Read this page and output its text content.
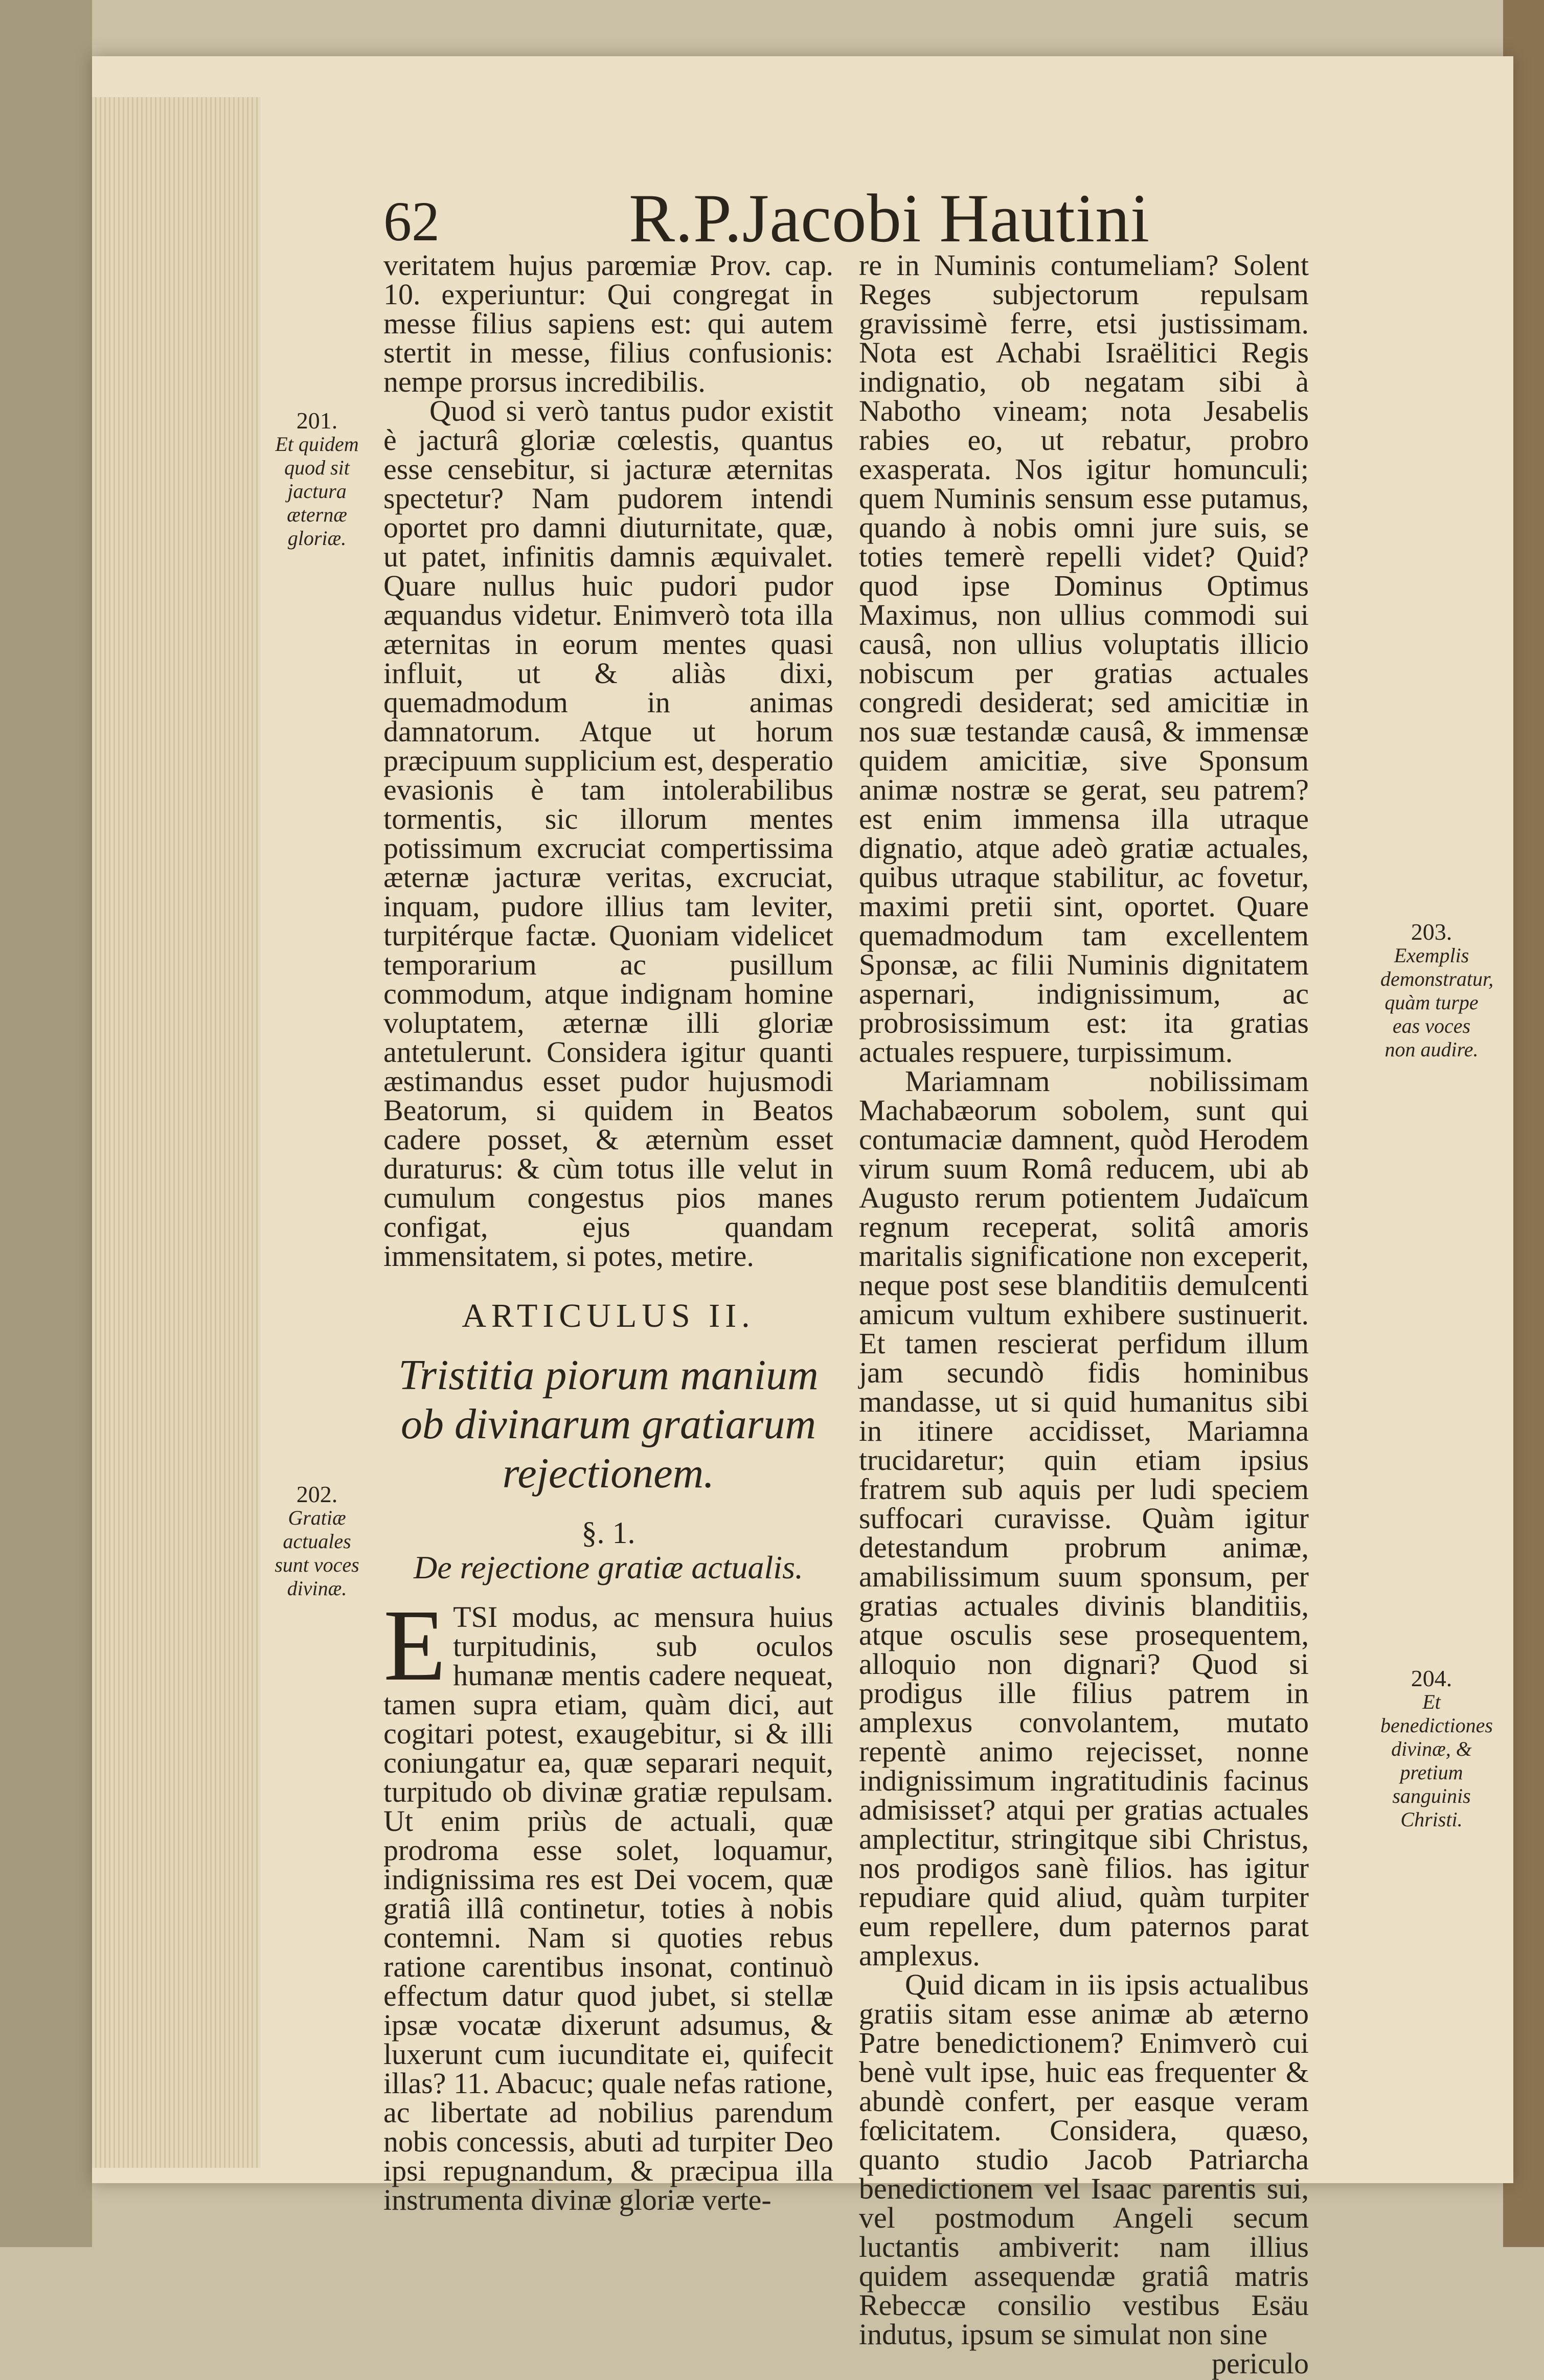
62	R.P.Jacobi Hautini

veritatem hujus parœmiæ Prov. cap. 10. experiuntur: Qui congregat in messe filius sapiens est: qui autem stertit in messe, filius confusionis: nempe prorsus incredibilis.

Quod si verò tantus pudor existit è jacturâ gloriæ cœlestis, quantus esse censebitur, si jacturæ æternitas spectetur? Nam pudorem intendi oportet pro damni diuturnitate, quæ, ut patet, infinitis damnis æquivalet. Quare nullus huic pudori pudor æquandus videtur. Enimverò tota illa æternitas in eorum mentes quasi influit, ut & aliàs dixi, quemadmodum in animas damnatorum. Atque ut horum præcipuum supplicium est, desperatio evasionis è tam intolerabilibus tormentis, sic illorum mentes potissimum excruciat compertissima æternæ jacturæ veritas, excruciat, inquam, pudore illius tam leviter, turpitérque factæ. Quoniam videlicet temporarium ac pusillum commodum, atque indignam homine voluptatem, æternæ illi gloriæ antetulerunt. Considera igitur quanti æstimandus esset pudor hujusmodi Beatorum, si quidem in Beatos cadere posset, & æternùm esset duraturus: & cùm totus ille velut in cumulum congestus pios manes configat, ejus quandam immensitatem, si potes, metire.

ARTICULUS II.
Tristitia piorum manium ob divinarum gratiarum rejectionem.
§. 1.
De rejectione gratiæ actualis.

ETSI modus, ac mensura huius turpitudinis, sub oculos humanæ mentis cadere nequeat, tamen supra etiam, quàm dici, aut cogitari potest, exaugebitur, si & illi coniungatur ea, quæ separari nequit, turpitudo ob divinæ gratiæ repulsam. Ut enim priùs de actuali, quæ prodroma esse solet, loquamur, indignissima res est Dei vocem, quæ gratiâ illâ continetur, toties à nobis contemni. Nam si quoties rebus ratione carentibus insonat, continuò effectum datur quod jubet, si stellæ ipsæ vocatæ dixerunt adsumus, & luxerunt cum iucunditate ei, quifecit illas? 11. Abacuc; quale nefas ratione, ac libertate ad nobilius parendum nobis concessis, abuti ad turpiter Deo ipsi repugnandum, & præcipua illa instrumenta divinæ gloriæ verte-

re in Numinis contumeliam? Solent Reges subjectorum repulsam gravissimè ferre, etsi justissimam. Nota est Achabi Israëlitici Regis indignatio, ob negatam sibi à Nabotho vineam; nota Jesabelis rabies eo, ut rebatur, probro exasperata. Nos igitur homunculi; quem Numinis sensum esse putamus, quando à nobis omni jure suis, se toties temerè repelli videt? Quid? quod ipse Dominus Optimus Maximus, non ullius commodi sui causâ, non ullius voluptatis illicio nobiscum per gratias actuales congredi desiderat; sed amicitiæ in nos suæ testandæ causâ, & immensæ quidem amicitiæ, sive Sponsum animæ nostræ se gerat, seu patrem? est enim immensa illa utraque dignatio, atque adeò gratiæ actuales, quibus utraque stabilitur, ac fovetur, maximi pretii sint, oportet. Quare quemadmodum tam excellentem Sponsæ, ac filii Numinis dignitatem aspernari, indignissimum, ac probrosissimum est: ita gratias actuales respuere, turpissimum.

Mariamnam nobilissimam Machabæorum sobolem, sunt qui contumaciæ damnent, quòd Herodem virum suum Româ reducem, ubi ab Augusto rerum potientem Judaïcum regnum receperat, solitâ amoris maritalis significatione non exceperit, neque post sese blanditiis demulcenti amicum vultum exhibere sustinuerit. Et tamen rescierat perfidum illum jam secundò fidis hominibus mandasse, ut si quid humanitus sibi in itinere accidisset, Mariamna trucidaretur; quin etiam ipsius fratrem sub aquis per ludi speciem suffocari curavisse. Quàm igitur detestandum probrum animæ, amabilissimum suum sponsum, per gratias actuales divinis blanditiis, atque osculis sese prosequentem, alloquio non dignari? Quod si prodigus ille filius patrem in amplexus convolantem, mutato repentè animo rejecisset, nonne indignissimum ingratitudinis facinus admisisset? atqui per gratias actuales amplectitur, stringitque sibi Christus, nos prodigos sanè filios. has igitur repudiare quid aliud, quàm turpiter eum repellere, dum paternos parat amplexus.

Quid dicam in iis ipsis actualibus gratiis sitam esse animæ ab æterno Patre benedictionem? Enimverò cui benè vult ipse, huic eas frequenter & abundè confert, per easque veram fœlicitatem. Considera, quæso, quanto studio Jacob Patriarcha benedictionem vel Isaac parentis sui, vel postmodum Angeli secum luctantis ambiverit: nam illius quidem assequendæ gratiâ matris Rebeccæ consilio vestibus Esäu indutus, ipsum se simulat non sine

periculo

201.
Et quidem quod sit jactura æternæ gloriæ.
202.
Gratiæ actuales sunt voces divinæ.
203.
Exemplis demonstratur, quàm turpe eas voces non audire.
204.
Et benedictiones divinæ, & pretium sanguinis Christi.
